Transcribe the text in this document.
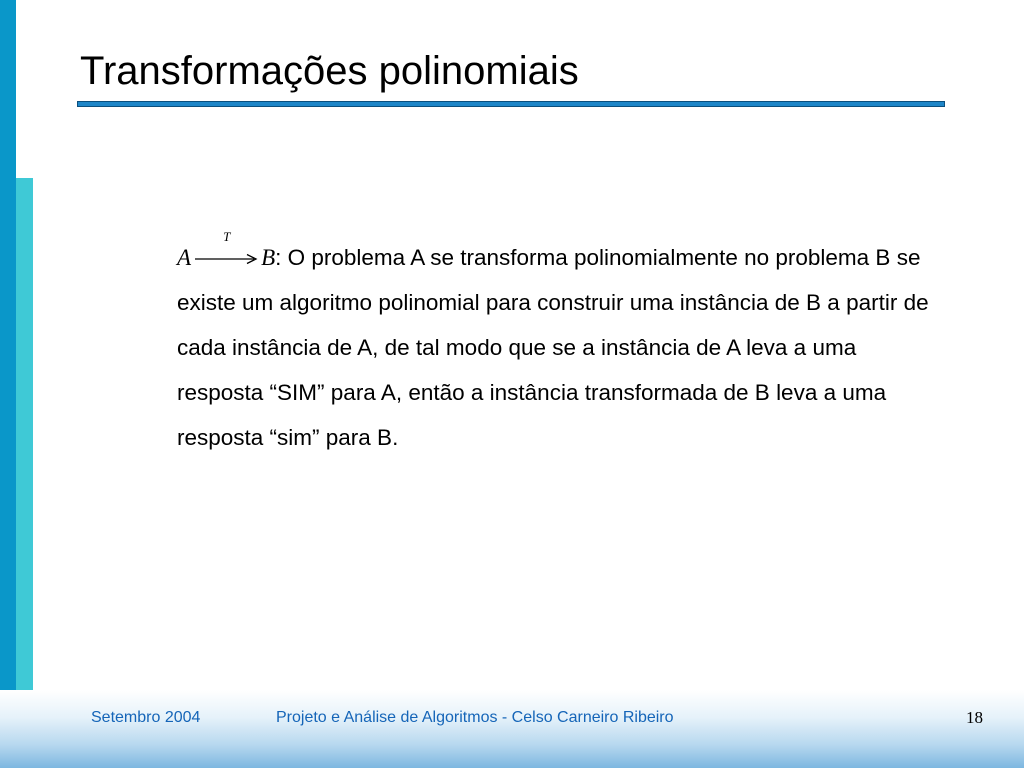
Transformações polinomiais

A
T
B: O problema A se transforma polinomialmente no problema B se existe um algoritmo polinomial para construir uma instância de B a partir de cada instância de A, de tal modo que se a instância de A leva a uma resposta “SIM” para A, então a instância transformada de B leva a uma resposta “sim” para B.

Setembro 2004	Projeto e Análise de Algoritmos - Celso Carneiro Ribeiro	18
